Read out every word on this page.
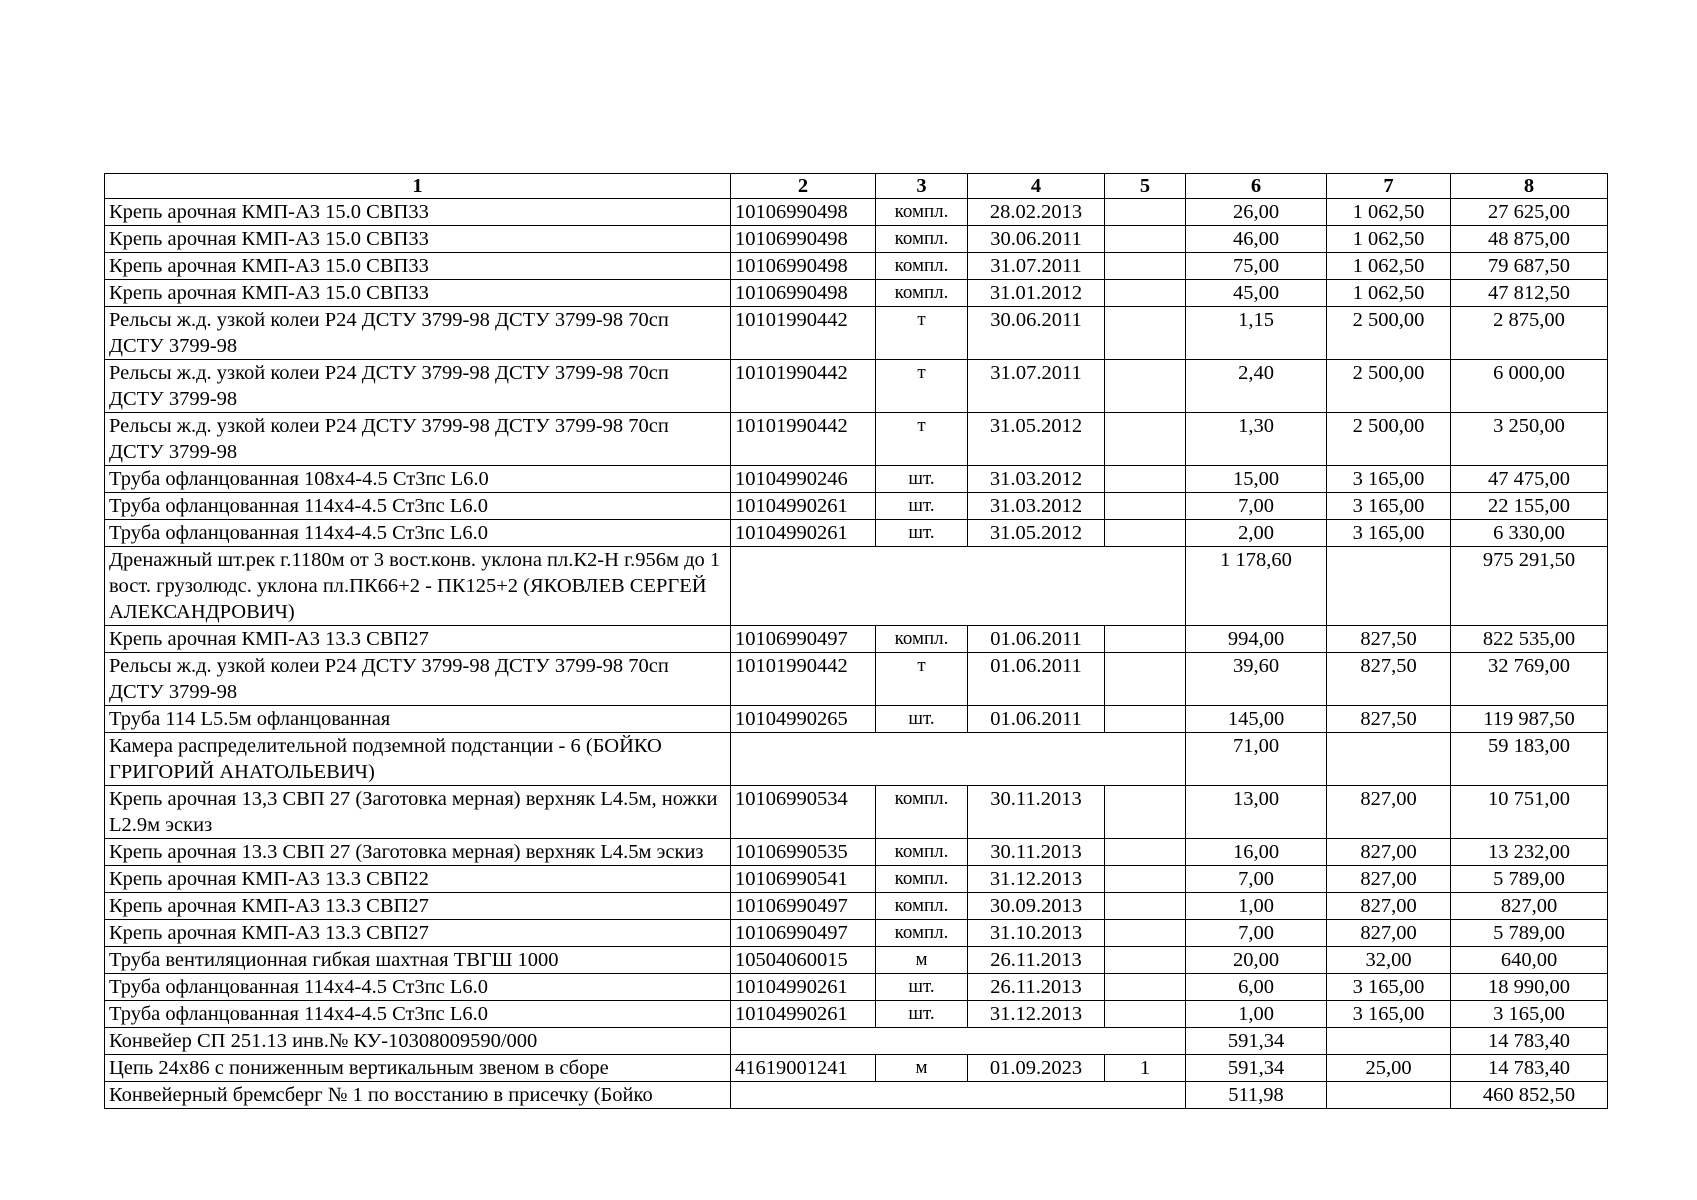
1	2	3	4	5	6	7	8
Крепь арочная КМП-А3 15.0 СВП33	10106990498	компл.	28.02.2013		26,00	1 062,50	27 625,00
Крепь арочная КМП-А3 15.0 СВП33	10106990498	компл.	30.06.2011		46,00	1 062,50	48 875,00
Крепь арочная КМП-А3 15.0 СВП33	10106990498	компл.	31.07.2011		75,00	1 062,50	79 687,50
Крепь арочная КМП-А3 15.0 СВП33	10106990498	компл.	31.01.2012		45,00	1 062,50	47 812,50
Рельсы ж.д. узкой колеи Р24 ДСТУ 3799-98 ДСТУ 3799-98 70сп ДСТУ 3799-98	10101990442	т	30.06.2011		1,15	2 500,00	2 875,00
Рельсы ж.д. узкой колеи Р24 ДСТУ 3799-98 ДСТУ 3799-98 70сп ДСТУ 3799-98	10101990442	т	31.07.2011		2,40	2 500,00	6 000,00
Рельсы ж.д. узкой колеи Р24 ДСТУ 3799-98 ДСТУ 3799-98 70сп ДСТУ 3799-98	10101990442	т	31.05.2012		1,30	2 500,00	3 250,00
Труба офланцованная 108х4-4.5 Ст3пс L6.0	10104990246	шт.	31.03.2012		15,00	3 165,00	47 475,00
Труба офланцованная 114х4-4.5 Ст3пс L6.0	10104990261	шт.	31.03.2012		7,00	3 165,00	22 155,00
Труба офланцованная 114х4-4.5 Ст3пс L6.0	10104990261	шт.	31.05.2012		2,00	3 165,00	6 330,00
Дренажный шт.рек г.1180м от 3 вост.конв. уклона пл.К2-Н г.956м до 1 вост. грузолюдс. уклона пл.ПК66+2 - ПК125+2 (ЯКОВЛЕВ СЕРГЕЙ АЛЕКСАНДРОВИЧ)					1 178,60		975 291,50
Крепь арочная КМП-А3 13.3 СВП27	10106990497	компл.	01.06.2011		994,00	827,50	822 535,00
Рельсы ж.д. узкой колеи Р24 ДСТУ 3799-98 ДСТУ 3799-98 70сп ДСТУ 3799-98	10101990442	т	01.06.2011		39,60	827,50	32 769,00
Труба 114 L5.5м офланцованная	10104990265	шт.	01.06.2011		145,00	827,50	119 987,50
Камера распределительной подземной подстанции - 6 (БОЙКО ГРИГОРИЙ АНАТОЛЬЕВИЧ)					71,00		59 183,00
Крепь арочная 13,3 СВП 27 (Заготовка мерная) верхняк L4.5м, ножки L2.9м эскиз	10106990534	компл.	30.11.2013		13,00	827,00	10 751,00
Крепь арочная 13.3 СВП 27 (Заготовка мерная) верхняк L4.5м эскиз	10106990535	компл.	30.11.2013		16,00	827,00	13 232,00
Крепь арочная КМП-А3 13.3 СВП22	10106990541	компл.	31.12.2013		7,00	827,00	5 789,00
Крепь арочная КМП-А3 13.3 СВП27	10106990497	компл.	30.09.2013		1,00	827,00	827,00
Крепь арочная КМП-А3 13.3 СВП27	10106990497	компл.	31.10.2013		7,00	827,00	5 789,00
Труба вентиляционная гибкая шахтная ТВГШ 1000	10504060015	м	26.11.2013		20,00	32,00	640,00
Труба офланцованная 114х4-4.5 Ст3пс L6.0	10104990261	шт.	26.11.2013		6,00	3 165,00	18 990,00
Труба офланцованная 114х4-4.5 Ст3пс L6.0	10104990261	шт.	31.12.2013		1,00	3 165,00	3 165,00
Конвейер СП 251.13 инв.№ КУ-10308009590/000					591,34		14 783,40
Цепь 24х86 с пониженным вертикальным звеном в сборе	41619001241	м	01.09.2023	1	591,34	25,00	14 783,40
Конвейерный бремсберг № 1 по восстанию в присечку (Бойко					511,98		460 852,50
